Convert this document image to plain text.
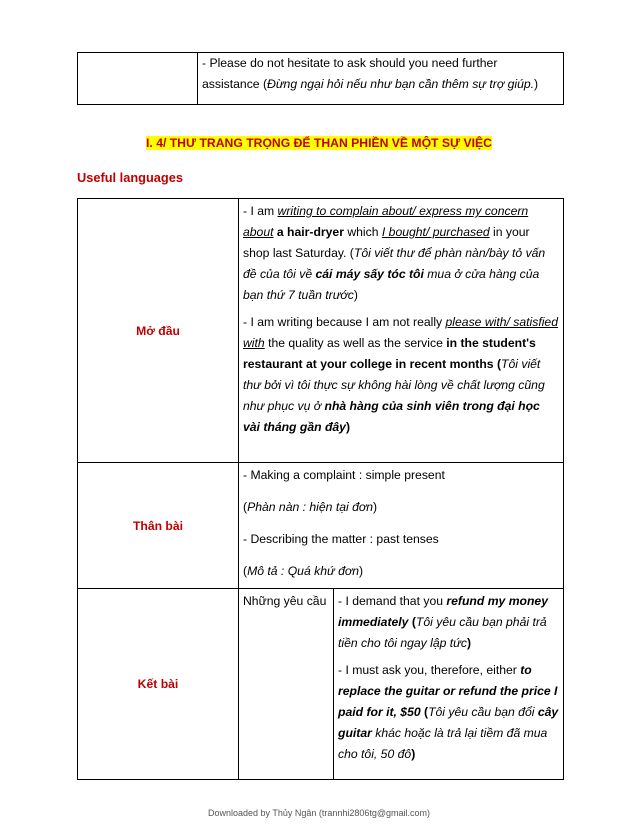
- Please do not hesitate to ask should you need further
assistance (Đừng ngại hỏi nếu như bạn cần thêm sự trợ giúp.)
I. 4/ THƯ TRANG TRỌNG ĐỂ THAN PHIỀN VỀ MỘT SỰ VIỆC
Useful languages
Mở đầu	- I am writing to complain about/ express my concern about a hair-dryer which I bought/ purchased in your shop last Saturday. (Tôi viết thư để phàn nàn/bày tỏ vấn đề của tôi về cái máy sấy tóc tôi mua ở cửa hàng của bạn thứ 7 tuần trước)
- I am writing because I am not really please with/ satisfied with the quality as well as the service in the student's restaurant at your college in recent months (Tôi viết thư bởi vì tôi thực sự không hài lòng về chất lượng cũng như phục vụ ở nhà hàng của sinh viên trong đại học vài tháng gần đây)	

Thân bài	- Making a complaint : simple present
(Phàn nàn : hiện tại đơn)
- Describing the matter : past tenses
(Mô tả : Quá khứ đơn)	

Kết bài	Những yêu cầu	- I demand that you refund my money immediately (Tôi yêu cầu bạn phải trả tiền cho tôi ngay lập tức)
- I must ask you, therefore, either to replace the guitar or refund the price I paid for it, $50 (Tôi yêu cầu bạn đổi cây guitar khác hoặc là trả lại tiềm đã mua cho tôi, 50 đô)
Downloaded by Thủy Ngân (trannhi2806tg@gmail.com)
